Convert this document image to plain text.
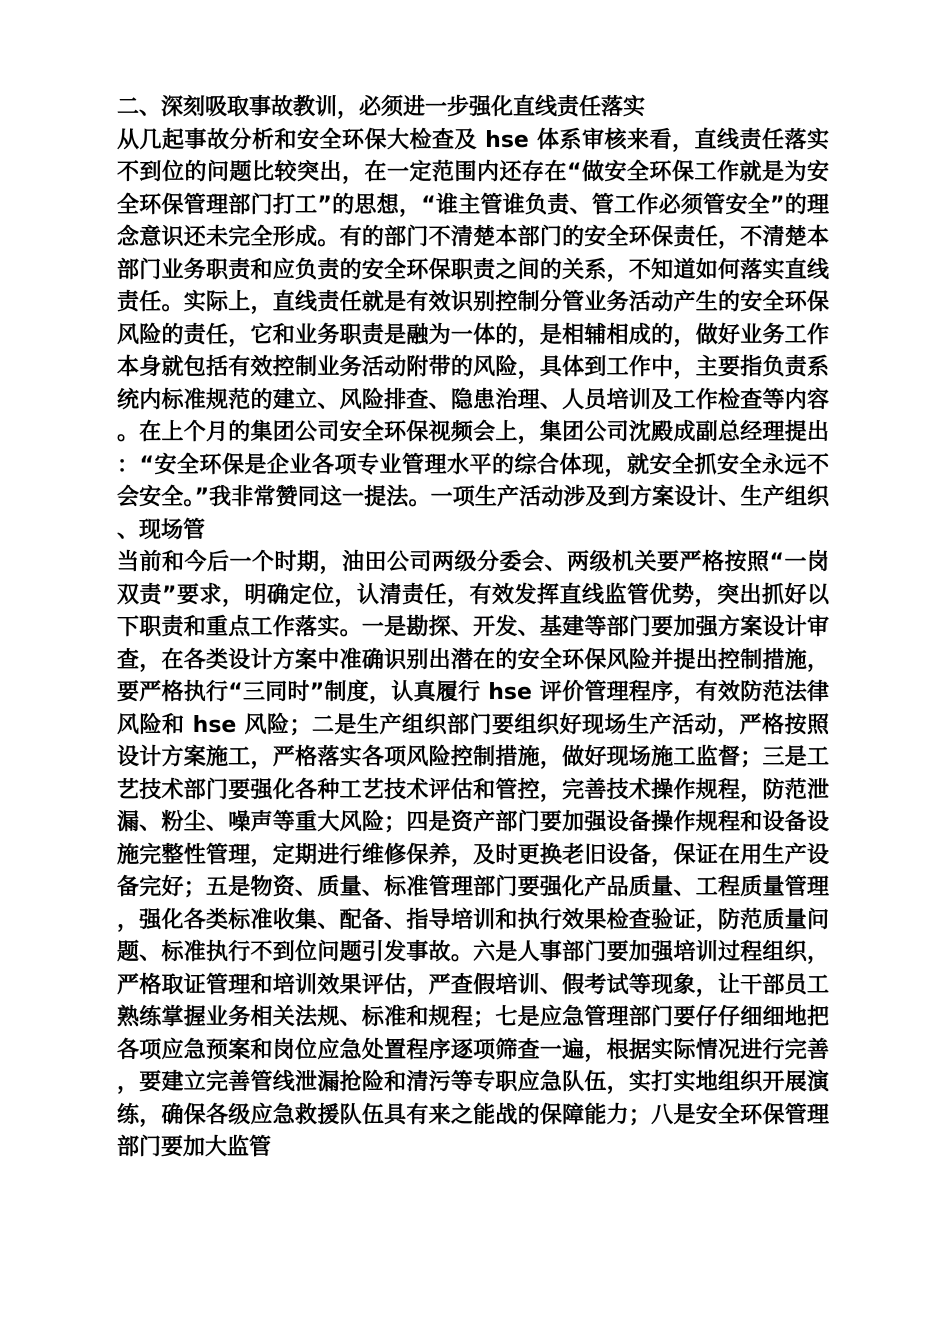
二、深刻吸取事故教训，必须进一步强化直线责任落实

从几起事故分析和安全环保大检查及 hse 体系审核来看，直线责任落实不到位的问题比较突出，在一定范围内还存在“做安全环保工作就是为安全环保管理部门打工”的思想，“谁主管谁负责、管工作必须管安全”的理念意识还未完全形成。有的部门不清楚本部门的安全环保责任，不清楚本部门业务职责和应负责的安全环保职责之间的关系，不知道如何落实直线责任。实际上，直线责任就是有效识别控制分管业务活动产生的安全环保风险的责任，它和业务职责是融为一体的，是相辅相成的，做好业务工作本身就包括有效控制业务活动附带的风险，具体到工作中，主要指负责系统内标准规范的建立、风险排查、隐患治理、人员培训及工作检查等内容。在上个月的集团公司安全环保视频会上，集团公司沈殿成副总经理提出：“安全环保是企业各项专业管理水平的综合体现，就安全抓安全永远不会安全。”我非常赞同这一提法。一项生产活动涉及到方案设计、生产组织、现场管

当前和今后一个时期，油田公司两级分委会、两级机关要严格按照“一岗双责”要求，明确定位，认清责任，有效发挥直线监管优势，突出抓好以下职责和重点工作落实。一是勘探、开发、基建等部门要加强方案设计审查，在各类设计方案中准确识别出潜在的安全环保风险并提出控制措施，要严格执行“三同时”制度，认真履行 hse 评价管理程序，有效防范法律风险和 hse 风险；二是生产组织部门要组织好现场生产活动，严格按照设计方案施工，严格落实各项风险控制措施，做好现场施工监督；三是工艺技术部门要强化各种工艺技术评估和管控，完善技术操作规程，防范泄漏、粉尘、噪声等重大风险；四是资产部门要加强设备操作规程和设备设施完整性管理，定期进行维修保养，及时更换老旧设备，保证在用生产设备完好；五是物资、质量、标准管理部门要强化产品质量、工程质量管理，强化各类标准收集、配备、指导培训和执行效果检查验证，防范质量问题、标准执行不到位问题引发事故。六是人事部门要加强培训过程组织，严格取证管理和培训效果评估，严查假培训、假考试等现象，让干部员工熟练掌握业务相关法规、标准和规程；七是应急管理部门要仔仔细细地把各项应急预案和岗位应急处置程序逐项筛查一遍，根据实际情况进行完善，要建立完善管线泄漏抢险和清污等专职应急队伍，实打实地组织开展演练，确保各级应急救援队伍具有来之能战的保障能力；八是安全环保管理部门要加大监管
